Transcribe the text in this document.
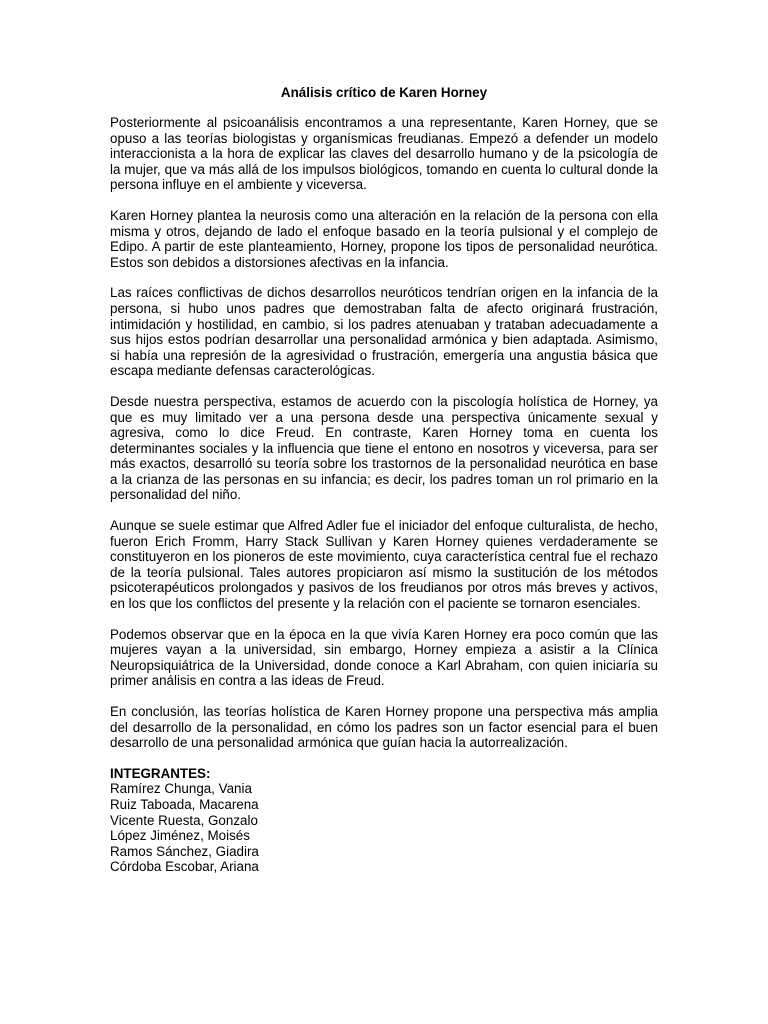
Análisis crítico de Karen Horney

Posteriormente al psicoanálisis encontramos a una representante, Karen Horney, que se opuso a las teorías biologistas y organísmicas freudianas. Empezó a defender un modelo interaccionista a la hora de explicar las claves del desarrollo humano y de la psicología de la mujer, que va más allá de los impulsos biológicos, tomando en cuenta lo cultural donde la persona influye en el ambiente y viceversa.

Karen Horney plantea la neurosis como una alteración en la relación de la persona con ella misma y otros, dejando de lado el enfoque basado en la teoría pulsional y el complejo de Edipo. A partir de este planteamiento, Horney, propone los tipos de personalidad neurótica. Estos son debidos a distorsiones afectivas en la infancia.

Las raíces conflictivas de dichos desarrollos neuróticos tendrían origen en la infancia de la persona, si hubo unos padres que demostraban falta de afecto originará frustración, intimidación y hostilidad, en cambio, si los padres atenuaban y trataban adecuadamente a sus hijos estos podrían desarrollar una personalidad armónica y bien adaptada. Asimismo, si había una represión de la agresividad o frustración, emergería una angustia básica que escapa mediante defensas caracterológicas.

Desde nuestra perspectiva, estamos de acuerdo con la piscología holística de Horney, ya que es muy limitado ver a una persona desde una perspectiva únicamente sexual y agresiva, como lo dice Freud. En contraste, Karen Horney toma en cuenta los determinantes sociales y la influencia que tiene el entono en nosotros y viceversa, para ser más exactos, desarrolló su teoría sobre los trastornos de la personalidad neurótica en base a la crianza de las personas en su infancia; es decir, los padres toman un rol primario en la personalidad del niño.

Aunque se suele estimar que Alfred Adler fue el iniciador del enfoque culturalista, de hecho, fueron Erich Fromm, Harry Stack Sullivan y Karen Horney quienes verdaderamente se constituyeron en los pioneros de este movimiento, cuya característica central fue el rechazo de la teoría pulsional. Tales autores propiciaron así mismo la sustitución de los métodos psicoterapéuticos prolongados y pasivos de los freudianos por otros más breves y activos, en los que los conflictos del presente y la relación con el paciente se tornaron esenciales.

Podemos observar que en la época en la que vivía Karen Horney era poco común que las mujeres vayan a la universidad, sin embargo, Horney empieza a asistir a la Clínica Neuropsiquiátrica de la Universidad, donde conoce a Karl Abraham, con quien iniciaría su primer análisis en contra a las ideas de Freud.

En conclusión, las teorías holística de Karen Horney propone una perspectiva más amplia del desarrollo de la personalidad, en cómo los padres son un factor esencial para el buen desarrollo de una personalidad armónica que guían hacia la autorrealización.

INTEGRANTES:
Ramírez Chunga, Vania
Ruiz Taboada, Macarena
Vicente Ruesta, Gonzalo
López Jiménez, Moisés
Ramos Sánchez, Giadira
Córdoba Escobar, Ariana
